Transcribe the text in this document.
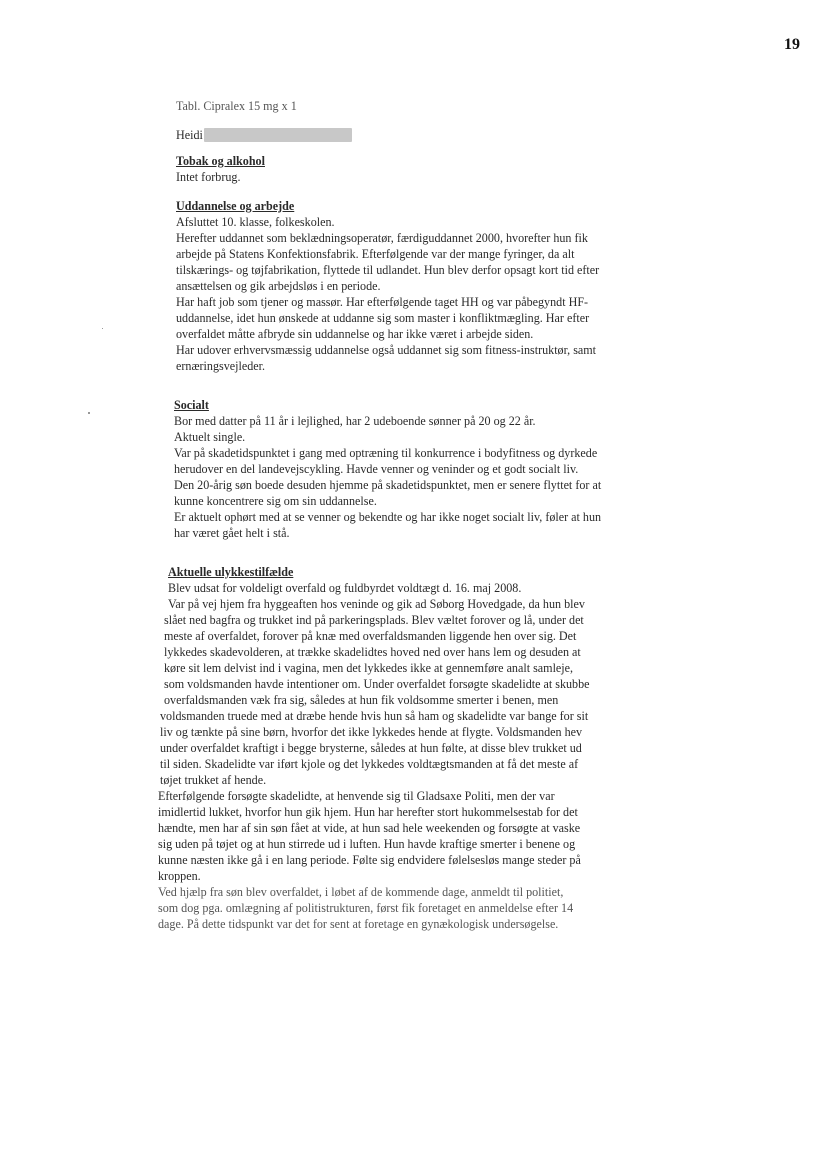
19
Tabl. Cipralex 15 mg x 1
Heidi
Tobak og alkohol
Intet forbrug.
Uddannelse og arbejde
Afsluttet 10. klasse, folkeskolen.
Herefter uddannet som beklædningsoperatør, færdiguddannet 2000, hvorefter hun fik
arbejde på Statens Konfektionsfabrik. Efterfølgende var der mange fyringer, da alt
tilskærings- og tøjfabrikation, flyttede til udlandet. Hun blev derfor opsagt kort tid efter
ansættelsen og gik arbejdsløs i en periode.
Har haft job som tjener og massør. Har efterfølgende taget HH og var påbegyndt HF-
uddannelse, idet hun ønskede at uddanne sig som master i konfliktmægling. Har efter
overfaldet måtte afbryde sin uddannelse og har ikke været i arbejde siden.
Har udover erhvervsmæssig uddannelse også uddannet sig som fitness-instruktør, samt
ernæringsvejleder.
Socialt
Bor med datter på 11 år i lejlighed, har 2 udeboende sønner på 20 og 22 år.
Aktuelt single.
Var på skadetidspunktet i gang med optræning til konkurrence i bodyfitness og dyrkede
herudover en del landevejscykling. Havde venner og veninder og et godt socialt liv.
Den 20-årig søn boede desuden hjemme på skadetidspunktet, men er senere flyttet for at
kunne koncentrere sig om sin uddannelse.
Er aktuelt ophørt med at se venner og bekendte og har ikke noget socialt liv, føler at hun
har været gået helt i stå.
Aktuelle ulykkestilfælde
Blev udsat for voldeligt overfald og fuldbyrdet voldtægt d. 16. maj 2008.
Var på vej hjem fra hyggeaften hos veninde og gik ad Søborg Hovedgade, da hun blev
slået ned bagfra og trukket ind på parkeringsplads. Blev væltet forover og lå, under det
meste af overfaldet, forover på knæ med overfaldsmanden liggende hen over sig. Det
lykkedes skadevolderen, at trække skadelidtes hoved ned over hans lem og desuden at
køre sit lem delvist ind i vagina, men det lykkedes ikke at gennemføre analt samleje,
som voldsmanden havde intentioner om. Under overfaldet forsøgte skadelidte at skubbe
overfaldsmanden væk fra sig, således at hun fik voldsomme smerter i benen, men
voldsmanden truede med at dræbe hende hvis hun så ham og skadelidte var bange for sit
liv og tænkte på sine børn, hvorfor det ikke lykkedes hende at flygte. Voldsmanden hev
under overfaldet kraftigt i begge brysterne, således at hun følte, at disse blev trukket ud
til siden. Skadelidte var iført kjole og det lykkedes voldtægtsmanden at få det meste af
tøjet trukket af hende.
Efterfølgende forsøgte skadelidte, at henvende sig til Gladsaxe Politi, men der var
imidlertid lukket, hvorfor hun gik hjem. Hun har herefter stort hukommelsestab for det
hændte, men har af sin søn fået at vide, at hun sad hele weekenden og forsøgte at vaske
sig uden på tøjet og at hun stirrede ud i luften. Hun havde kraftige smerter i benene og
kunne næsten ikke gå i en lang periode. Følte sig endvidere følelsesløs mange steder på
kroppen.
Ved hjælp fra søn blev overfaldet, i løbet af de kommende dage, anmeldt til politiet,
som dog pga. omlægning af politistrukturen, først fik foretaget en anmeldelse efter 14
dage. På dette tidspunkt var det for sent at foretage en gynækologisk undersøgelse.
